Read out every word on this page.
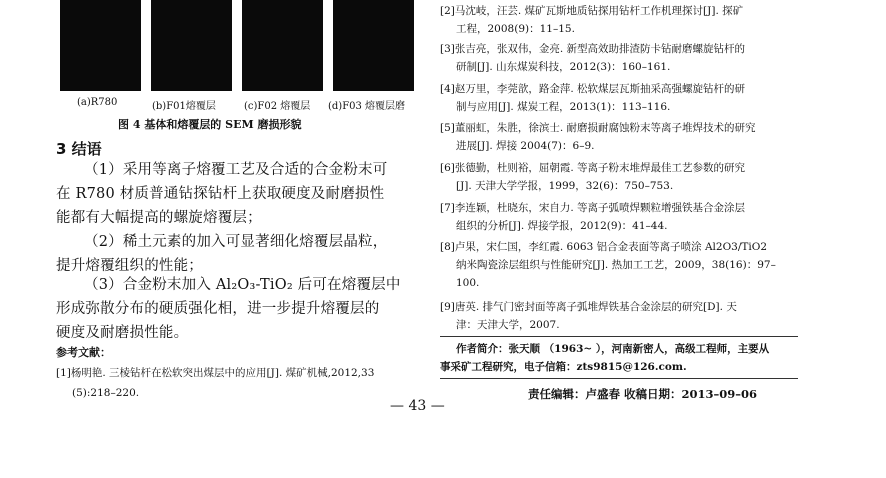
(a)R780	(b)F01熔覆层	(c)F02 熔覆层 (d)F03 熔覆层磨
图 4 基体和熔覆层的 SEM 磨损形貌
3 结语
（1）采用等离子熔覆工艺及合适的合金粉末可
在 R780 材质普通钻探钻杆上获取硬度及耐磨损性
能都有大幅提高的螺旋熔覆层；
（2）稀土元素的加入可显著细化熔覆层晶粒，
提升熔覆组织的性能；
（3）合金粉末加入 Al₂O₃-TiO₂ 后可在熔覆层中
形成弥散分布的硬质强化相，进一步提升熔覆层的
硬度及耐磨损性能。
参考文献：
[1]杨明艳. 三棱钻杆在松软突出煤层中的应用[J]. 煤矿机械,2012,33
(5):218–220.
[2]马沈岐，汪芸. 煤矿瓦斯地质钻探用钻杆工作机理探讨[J]. 探矿
工程，2008(9)：11–15.
[3]张吉亮，张双伟，金亮. 新型高效助排渣防卡钻耐磨螺旋钻杆的
研制[J]. 山东煤炭科技，2012(3)：160–161.
[4]赵万里，李莞歆，路金萍. 松软煤层瓦斯抽采高强螺旋钻杆的研
制与应用[J]. 煤炭工程，2013(1)：113–116.
[5]董丽虹，朱胜，徐滨士. 耐磨损耐腐蚀粉末等离子堆焊技术的研究
进展[J]. 焊接 2004(7)：6–9.
[6]张德勤，杜则裕，屈朝霞. 等离子粉末堆焊最佳工艺参数的研究
[J]. 天津大学学报，1999，32(6)：750–753.
[7]李连颖，杜晓东，宋自力. 等离子弧喷焊颗粒增强铁基合金涂层
组织的分析[J]. 焊接学报，2012(9)：41–44.
[8]卢果，宋仁国，李红霞. 6063 铝合金表面等离子喷涂 Al2O3/TiO2
纳米陶瓷涂层组织与性能研究[J]. 热加工工艺，2009，38(16)：97–
100.
[9]唐英. 排气门密封面等离子弧堆焊铁基合金涂层的研究[D]. 天
津：天津大学，2007.
作者简介：张天顺 （1963~ ），河南新密人，高级工程师，主要从
事采矿工程研究，电子信箱：zts9815@126.com.
责任编辑：卢盛春 收稿日期：2013–09–06
— 43 —
